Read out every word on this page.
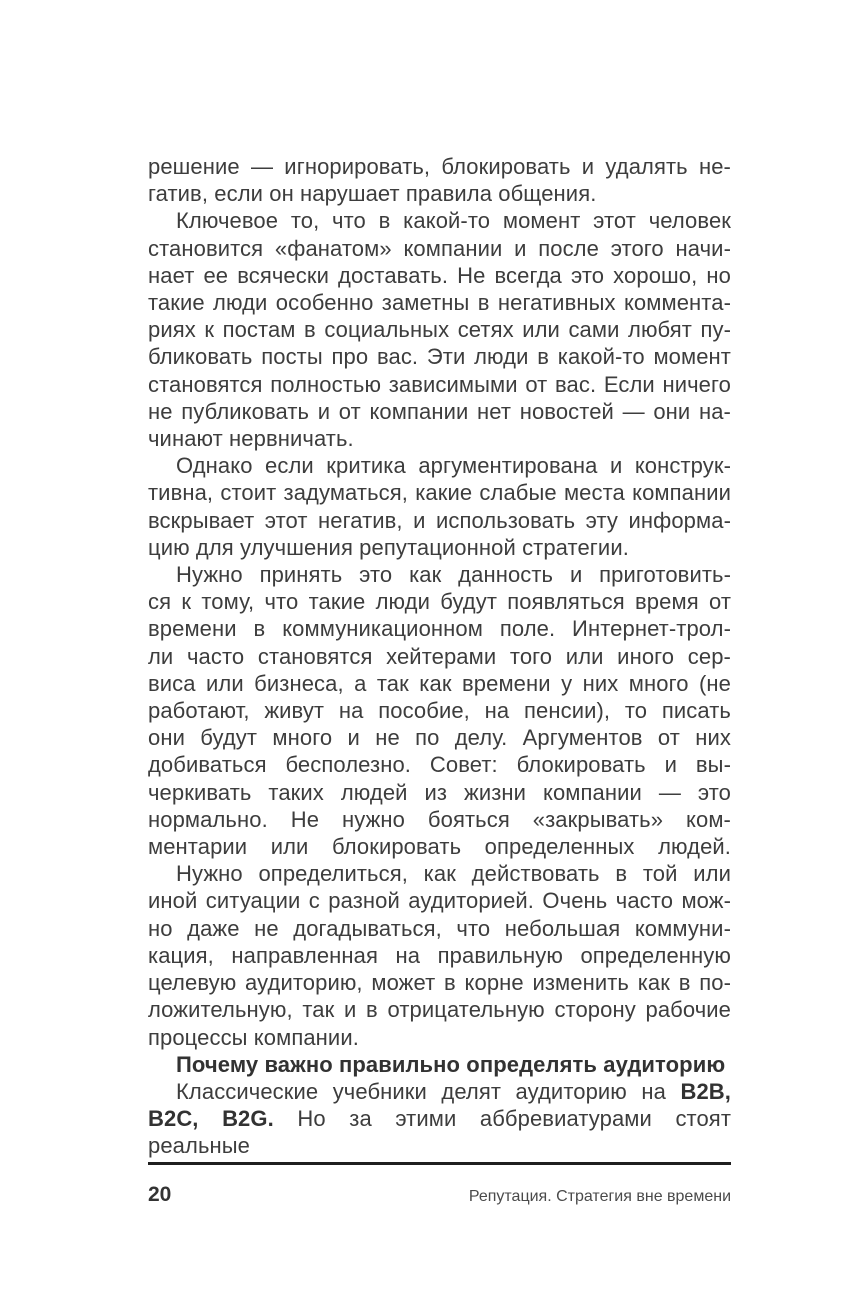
решение — игнорировать, блокировать и удалять не-
гатив, если он нарушает правила общения.
Ключевое то, что в какой-то момент этот человек
становится «фанатом» компании и после этого начи-
нает ее всячески доставать. Не всегда это хорошо, но
такие люди особенно заметны в негативных коммента-
риях к постам в социальных сетях или сами любят пу-
бликовать посты про вас. Эти люди в какой-то момент
становятся полностью зависимыми от вас. Если ничего
не публиковать и от компании нет новостей — они на-
чинают нервничать.
Однако если критика аргументирована и конструк-
тивна, стоит задуматься, какие слабые места компании
вскрывает этот негатив, и использовать эту информа-
цию для улучшения репутационной стратегии.
Нужно принять это как данность и приготовить-
ся к тому, что такие люди будут появляться время от
времени в коммуникационном поле. Интернет-трол-
ли часто становятся хейтерами того или иного сер-
виса или бизнеса, а так как времени у них много (не
работают, живут на пособие, на пенсии), то писать
они будут много и не по делу. Аргументов от них
добиваться бесполезно. Совет: блокировать и вы-
черкивать таких людей из жизни компании — это
нормально. Не нужно бояться «закрывать» ком-
ментарии или блокировать определенных людей.
Нужно определиться, как действовать в той или
иной ситуации с разной аудиторией. Очень часто мож-
но даже не догадываться, что небольшая коммуни-
кация, направленная на правильную определенную
целевую аудиторию, может в корне изменить как в по-
ложительную, так и в отрицательную сторону рабочие
процессы компании.
Почему важно правильно определять аудиторию
Классические учебники делят аудиторию на B2B,
B2C, B2G. Но за этими аббревиатурами стоят реальные
20	Репутация. Стратегия вне времени
